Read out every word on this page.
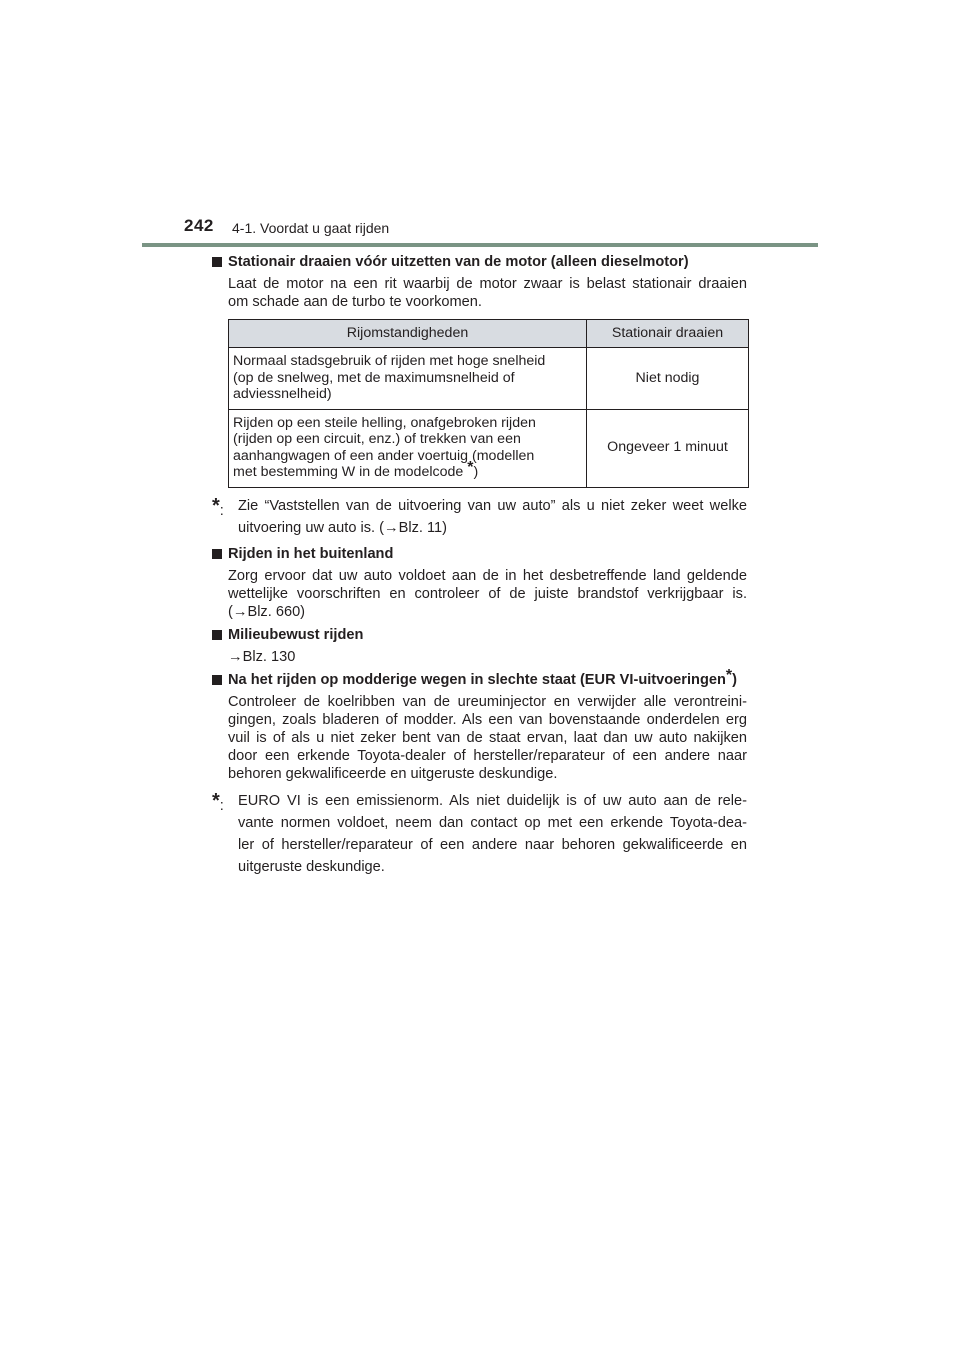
242 4-1. Voordat u gaat rijden
Stationair draaien vóór uitzetten van de motor (alleen dieselmotor)
Laat de motor na een rit waarbij de motor zwaar is belast stationair draaien
om schade aan de turbo te voorkomen.
Rijomstandigheden	Stationair draaien

Normaal stadsgebruik of rijden met hoge snelheid
(op de snelweg, met de maximumsnelheid of
adviessnelheid)	Niet nodig

Rijden op een steile helling, onafgebroken rijden
(rijden op een circuit, enz.) of trekken van een
aanhangwagen of een ander voertuig (modellen
met bestemming W in de modelcode *)	Ongeveer 1 minuut
*: Zie “Vaststellen van de uitvoering van uw auto” als u niet zeker weet welke
uitvoering uw auto is. (→Blz. 11)
Rijden in het buitenland
Zorg ervoor dat uw auto voldoet aan de in het desbetreffende land geldende
wettelijke voorschriften en controleer of de juiste brandstof verkrijgbaar is.
(→Blz. 660)
Milieubewust rijden
→Blz. 130
Na het rijden op modderige wegen in slechte staat (EUR VI-uitvoeringen*)
Controleer de koelribben van de ureuminjector en verwijder alle verontreini-
gingen, zoals bladeren of modder. Als een van bovenstaande onderdelen erg
vuil is of als u niet zeker bent van de staat ervan, laat dan uw auto nakijken
door een erkende Toyota-dealer of hersteller/reparateur of een andere naar
behoren gekwalificeerde en uitgeruste deskundige.
*: EURO VI is een emissienorm. Als niet duidelijk is of uw auto aan de rele-
vante normen voldoet, neem dan contact op met een erkende Toyota-dea-
ler of hersteller/reparateur of een andere naar behoren gekwalificeerde en
uitgeruste deskundige.
